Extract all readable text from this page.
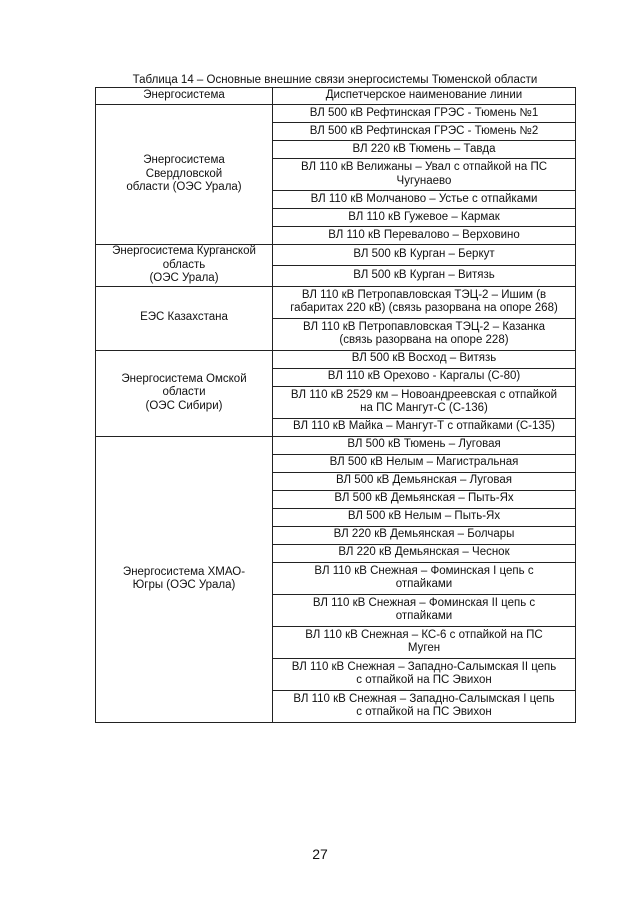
Таблица 14 – Основные внешние связи энергосистемы Тюменской области
Энергосистема	Диспетчерское наименование линии
Энергосистема
Свердловской
области (ОЭС Урала)	ВЛ 500 кВ Рефтинская ГРЭС - Тюмень №1
	ВЛ 500 кВ Рефтинская ГРЭС - Тюмень №2
	ВЛ 220 кВ Тюмень – Тавда
	ВЛ 110 кВ Велижаны – Увал с отпайкой на ПС
Чугунаево
	ВЛ 110 кВ Молчаново – Устье с отпайками
	ВЛ 110 кВ Гужевое – Кармак
	ВЛ 110 кВ Перевалово – Верховино
Энергосистема Курганской
область
(ОЭС Урала)	ВЛ 500 кВ Курган – Беркут
	ВЛ 500 кВ Курган – Витязь
ЕЭС Казахстана	ВЛ 110 кВ Петропавловская ТЭЦ-2 – Ишим (в
габаритах 220 кВ) (связь разорвана на опоре 268)
	ВЛ 110 кВ Петропавловская ТЭЦ-2 – Казанка
(связь разорвана на опоре 228)
Энергосистема Омской
области
(ОЭС Сибири)	ВЛ 500 кВ Восход – Витязь
	ВЛ 110 кВ Орехово - Каргалы (С-80)
	ВЛ 110 кВ 2529 км – Новоандреевская с отпайкой
на ПС Мангут-С (С-136)
	ВЛ 110 кВ Майка – Мангут-Т с отпайками (С-135)
Энергосистема ХМАО-
Югры (ОЭС Урала)	ВЛ 500 кВ Тюмень – Луговая
	ВЛ 500 кВ Нелым – Магистральная
	ВЛ 500 кВ Демьянская – Луговая
	ВЛ 500 кВ Демьянская – Пыть-Ях
	ВЛ 500 кВ Нелым – Пыть-Ях
	ВЛ 220 кВ Демьянская – Болчары
	ВЛ 220 кВ Демьянская – Чеснок
	ВЛ 110 кВ Снежная – Фоминская I цепь с
отпайками
	ВЛ 110 кВ Снежная – Фоминская II цепь с
отпайками
	ВЛ 110 кВ Снежная – КС-6 с отпайкой на ПС
Муген
	ВЛ 110 кВ Снежная – Западно-Салымская II цепь
с отпайкой на ПС Эвихон
	ВЛ 110 кВ Снежная – Западно-Салымская I цепь
с отпайкой на ПС Эвихон
27
